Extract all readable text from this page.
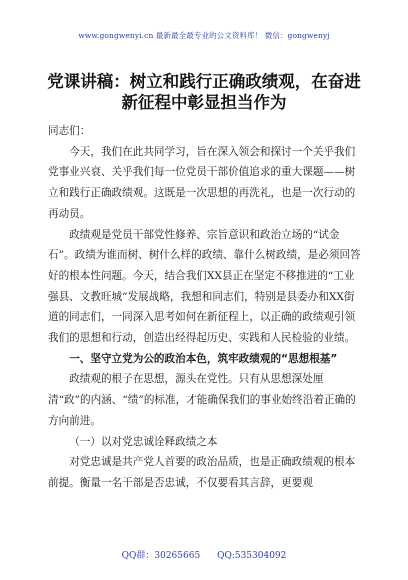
www.gongwenyi.cn 最新最全最专业的公文资料库！ 微信：gongwenyj
党课讲稿：树立和践行正确政绩观，在奋进新征程中彰显担当作为

同志们：

今天，我们在此共同学习，旨在深入领会和探讨一个关乎我们党事业兴衰、关乎我们每一位党员干部价值追求的重大课题——树立和践行正确政绩观。这既是一次思想的再洗礼，也是一次行动的再动员。

政绩观是党员干部党性修养、宗旨意识和政治立场的“试金石”。政绩为谁而树、树什么样的政绩、靠什么树政绩，是必须回答好的根本性问题。今天，结合我们XX县正在坚定不移推进的“工业强县、文教旺城”发展战略，我想和同志们，特别是县委办和XX街道的同志们，一同深入思考如何在新征程上，以正确的政绩观引领我们的思想和行动，创造出经得起历史、实践和人民检验的业绩。

一、坚守立党为公的政治本色，筑牢政绩观的“思想根基”

政绩观的根子在思想，源头在党性。只有从思想深处厘清“政”的内涵、“绩”的标准，才能确保我们的事业始终沿着正确的方向前进。

（一）以对党忠诚诠释政绩之本

对党忠诚是共产党人首要的政治品质，也是正确政绩观的根本前提。衡量一名干部是否忠诚，不仅要看其言辞，更要观

QQ群：30265665 QQ:535304092
